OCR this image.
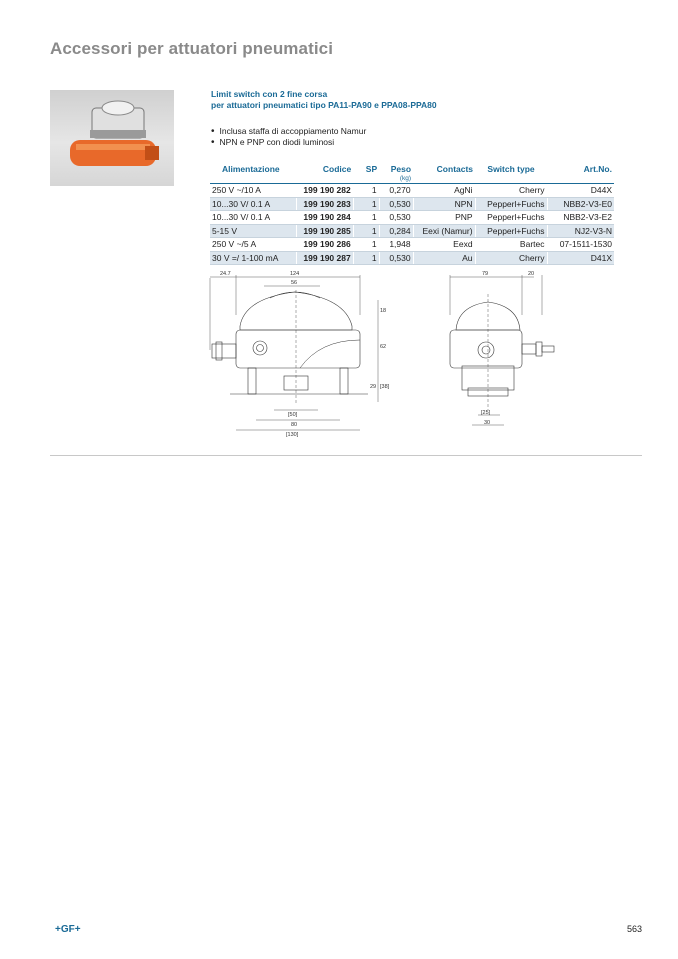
Accessori per attuatori pneumatici
Limit switch con 2 fine corsa
per attuatori pneumatici tipo PA11-PA90 e PPA08-PPA80
• Inclusa staffa di accoppiamento Namur
• NPN e PNP con diodi luminosi
Alimentazione	Codice	SP	Peso	Contacts	Switch type	Art.No.
			(kg)			
250 V ~/10 A	199 190 282	1	0,270	AgNi	Cherry	D44X
10...30 V/ 0.1 A	199 190 283	1	0,530	NPN	Pepperl+Fuchs	NBB2-V3-E0
10...30 V/ 0.1 A	199 190 284	1	0,530	PNP	Pepperl+Fuchs	NBB2-V3-E2
5-15 V	199 190 285	1	0,284	Eexi (Namur)	Pepperl+Fuchs	NJ2-V3-N
250 V ~/5 A	199 190 286	1	1,948	Eexd	Bartec	07-1511-1530
30 V =/ 1-100 mA	199 190 287	1	0,530	Au	Cherry	D41X
24.7	124
56
18
62
29 [38]
[50]
80
[130]
79	20
[25]
30
+GF+	563
